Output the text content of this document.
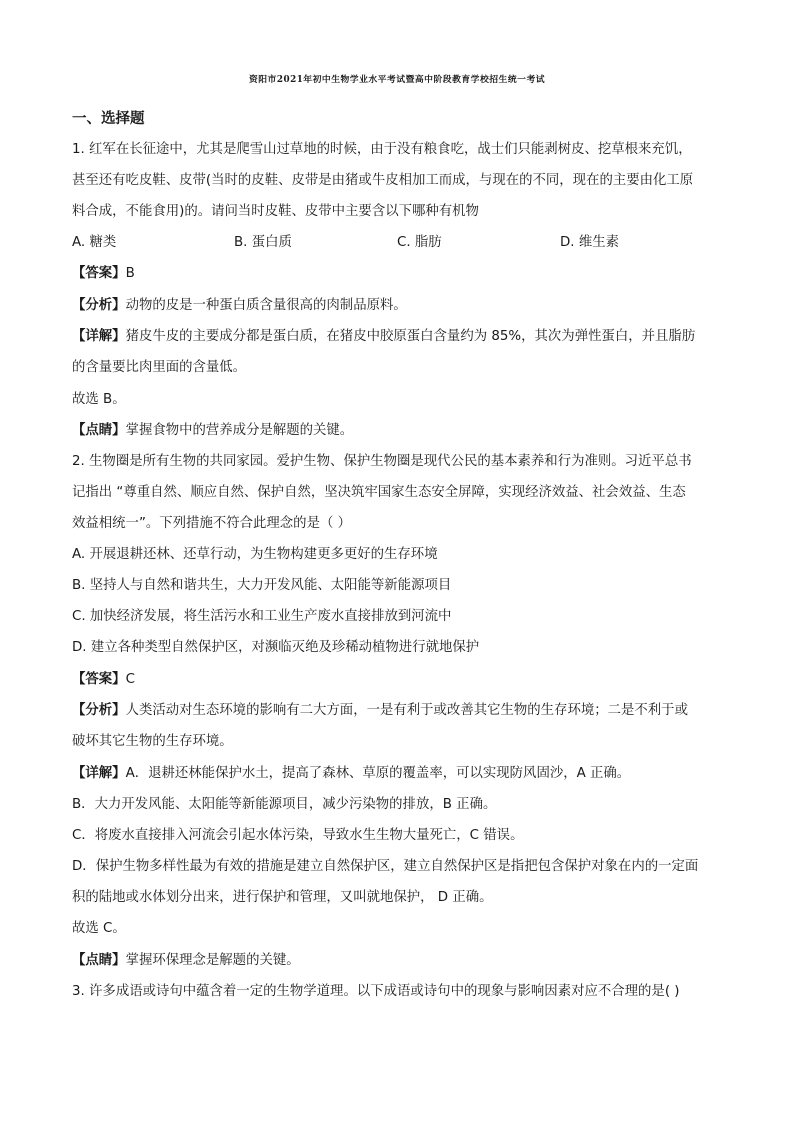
资阳市2021年初中生物学业水平考试暨高中阶段教育学校招生统一考试
一、选择题
1. 红军在长征途中，尤其是爬雪山过草地的时候，由于没有粮食吃，战士们只能剥树皮、挖草根来充饥，
甚至还有吃皮鞋、皮带(当时的皮鞋、皮带是由猪或牛皮相加工而成，与现在的不同，现在的主要由化工原
料合成，不能食用)的。请问当时皮鞋、皮带中主要含以下哪种有机物
A. 糖类	B. 蛋白质	C. 脂肪	D. 维生素
【答案】B
【分析】动物的皮是一种蛋白质含量很高的肉制品原料。
【详解】猪皮牛皮的主要成分都是蛋白质，在猪皮中胶原蛋白含量约为 85%，其次为弹性蛋白，并且脂肪
的含量要比肉里面的含量低。
故选 B。
【点睛】掌握食物中的营养成分是解题的关键。
2. 生物圈是所有生物的共同家园。爱护生物、保护生物圈是现代公民的基本素养和行为准则。习近平总书
记指出 “尊重自然、顺应自然、保护自然，坚决筑牢国家生态安全屏障，实现经济效益、社会效益、生态
效益相统一”。下列措施不符合此理念的是（ ）
A. 开展退耕还林、还草行动，为生物构建更多更好的生存环境
B. 坚持人与自然和谐共生，大力开发风能、太阳能等新能源项目
C. 加快经济发展，将生活污水和工业生产废水直接排放到河流中
D. 建立各种类型自然保护区，对濒临灭绝及珍稀动植物进行就地保护
【答案】C
【分析】人类活动对生态环境的影响有二大方面，一是有利于或改善其它生物的生存环境；二是不利于或
破坏其它生物的生存环境。
【详解】A．退耕还林能保护水土，提高了森林、草原的覆盖率，可以实现防风固沙，A 正确。
B．大力开发风能、太阳能等新能源项目，减少污染物的排放，B 正确。
C．将废水直接排入河流会引起水体污染，导致水生生物大量死亡，C 错误。
D．保护生物多样性最为有效的措施是建立自然保护区，建立自然保护区是指把包含保护对象在内的一定面
积的陆地或水体划分出来，进行保护和管理，又叫就地保护， D 正确。
故选 C。
【点睛】掌握环保理念是解题的关键。
3. 许多成语或诗句中蕴含着一定的生物学道理。以下成语或诗句中的现象与影响因素对应不合理的是( )
